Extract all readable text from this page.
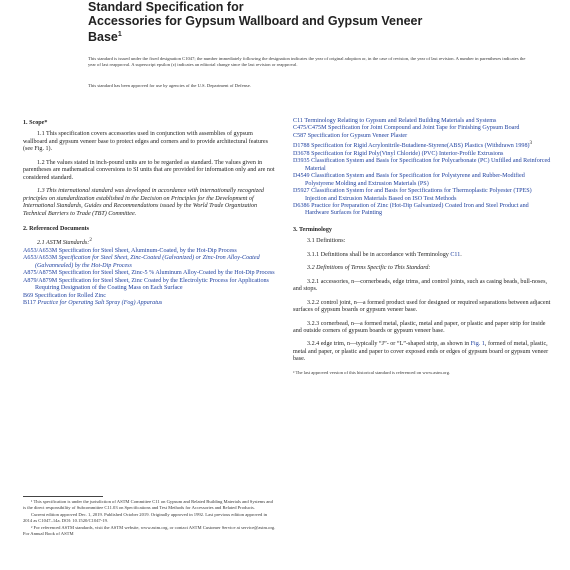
Standard Specification for
Accessories for Gypsum Wallboard and Gypsum Veneer
Base$^1$
This standard is issued under the fixed designation C1047; the number immediately following the designation indicates the year of original adoption or, in the case of revision, the year of last revision. A number in parentheses indicates the year of last reapproval. A superscript epsilon (ε) indicates an editorial change since the last revision or reapproval.
This standard has been approved for use by agencies of the U.S. Department of Defense.

1. Scope*

1.1 This specification covers accessories used in conjunction with assemblies of gypsum wallboard and gypsum veneer base to protect edges and corners and to provide architectural features (see Fig. 1).

1.2 The values stated in inch-pound units are to be regarded as standard. The values given in parentheses are mathematical conversions to SI units that are provided for information only and are not considered standard.

1.3 This international standard was developed in accordance with internationally recognized principles on standardization established in the Decision on Principles for the Development of International Standards, Guides and Recommendations issued by the World Trade Organization Technical Barriers to Trade (TBT) Committee.

2. Referenced Documents

2.1 ASTM Standards:$^2$

A653/A653M Specification for Steel Sheet, Aluminum-Coated, by the Hot-Dip Process

A653/A653M Specification for Steel Sheet, Zinc-Coated (Galvanized) or Zinc-Iron Alloy-Coated (Galvannealed) by the Hot-Dip Process

A875/A875M Specification for Steel Sheet, Zinc-5 % Aluminum Alloy-Coated by the Hot-Dip Process

A879/A879M Specification for Steel Sheet, Zinc Coated by the Electrolytic Process for Applications Requiring Designation of the Coating Mass on Each Surface

B69 Specification for Rolled Zinc

B117 Practice for Operating Salt Spray (Fog) Apparatus

¹ This specification is under the jurisdiction of ASTM Committee C11 on Gypsum and Related Building Materials and Systems and is the direct responsibility of Subcommittee C11.03 on Specifications and Test Methods for Accessories and Related Products.

Current edition approved Dec. 1, 2019. Published October 2019. Originally approved in 1992. Last previous edition approved in 2014 as C1047–14a. DOI: 10.1520/C1047-19.

² For referenced ASTM standards, visit the ASTM website, www.astm.org, or contact ASTM Customer Service at service@astm.org. For Annual Book of ASTM

C11 Terminology Relating to Gypsum and Related Building Materials and Systems

C475/C475M Specification for Joint Compound and Joint Tape for Finishing Gypsum Board

C587 Specification for Gypsum Veneer Plaster

D1788 Specification for Rigid Acrylonitrile-Butadiene-Styrene(ABS) Plastics (Withdrawn 1998)$^3$

D3678 Specification for Rigid Poly(Vinyl Chloride) (PVC) Interior-Profile Extrusions

D3935 Classification System and Basis for Specification for Polycarbonate (PC) Unfilled and Reinforced Material

D4549 Classification System and Basis for Specification for Polystyrene and Rubber-Modified Polystyrene Molding and Extrusion Materials (PS)

D5927 Classification System for and Basis for Specifications for Thermoplastic Polyester (TPES) Injection and Extrusion Materials Based on ISO Test Methods

D6386 Practice for Preparation of Zinc (Hot-Dip Galvanized) Coated Iron and Steel Product and Hardware Surfaces for Painting

3. Terminology

3.1 Definitions:

3.1.1 Definitions shall be in accordance with Terminology C11.

3.2 Definitions of Terms Specific to This Standard:

3.2.1 accessories, n—cornerbeads, edge trims, and control joints, such as casing beads, bull-noses, and stops.

3.2.2 control joint, n—a formed product used for designed or required separations between adjacent surfaces of gypsum boards or gypsum veneer base.

3.2.3 cornerbead, n—a formed metal, plastic, metal and paper, or plastic and paper strip for inside and outside corners of gypsum boards or gypsum veneer base.

3.2.4 edge trim, n—typically “J”- or “L”-shaped strip, as shown in Fig. 1, formed of metal, plastic, metal and paper, or plastic and paper to cover exposed ends or edges of gypsum board or gypsum veneer base.

³ The last approved version of this historical standard is referenced on www.astm.org.
